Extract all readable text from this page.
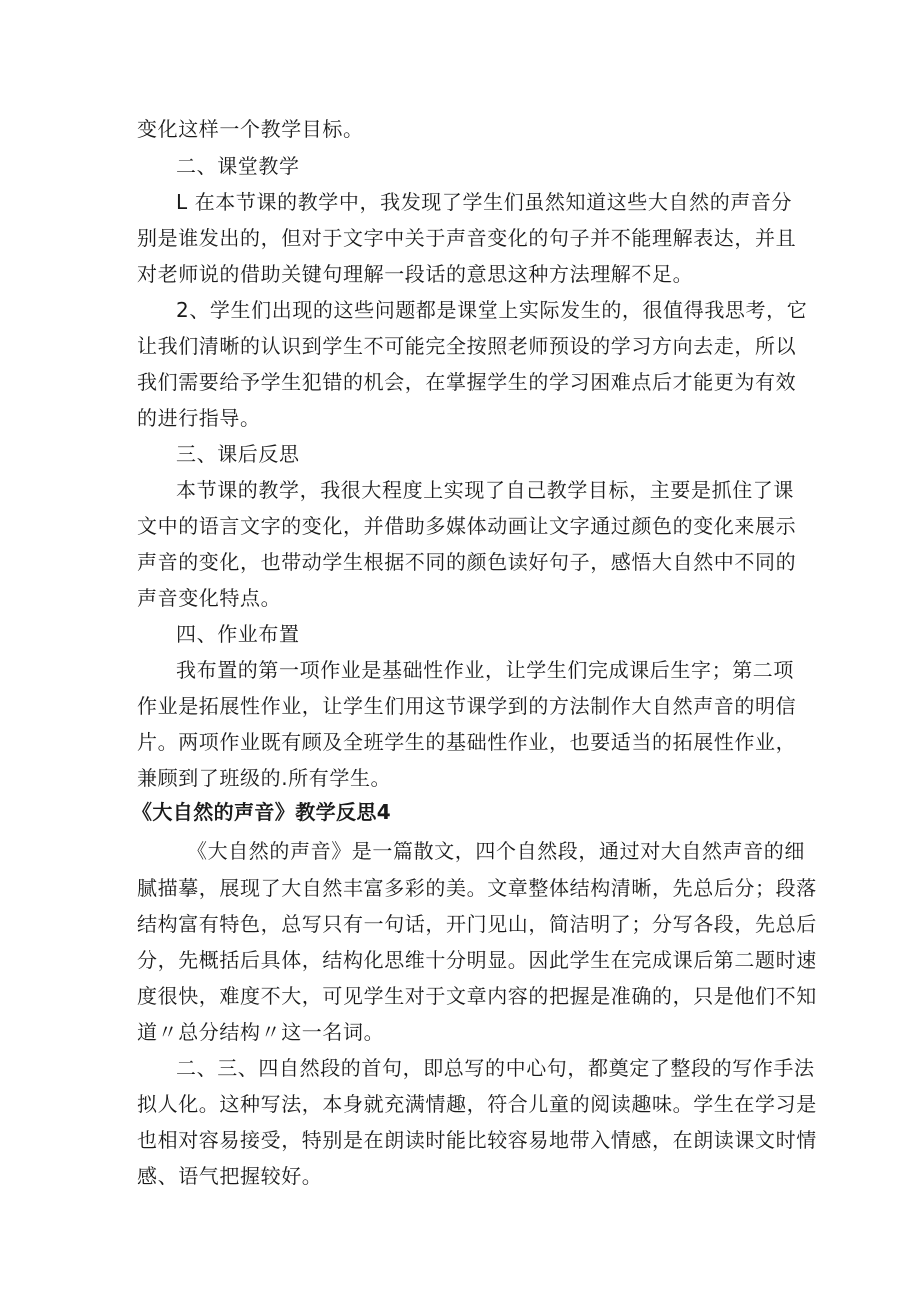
变化这样一个教学目标。
二、课堂教学
L 在本节课的教学中，我发现了学生们虽然知道这些大自然的声音分
别是谁发出的，但对于文字中关于声音变化的句子并不能理解表达，并且
对老师说的借助关键句理解一段话的意思这种方法理解不足。
2、学生们出现的这些问题都是课堂上实际发生的，很值得我思考，它
让我们清晰的认识到学生不可能完全按照老师预设的学习方向去走，所以
我们需要给予学生犯错的机会，在掌握学生的学习困难点后才能更为有效
的进行指导。
三、课后反思
本节课的教学，我很大程度上实现了自己教学目标，主要是抓住了课
文中的语言文字的变化，并借助多媒体动画让文字通过颜色的变化来展示
声音的变化，也带动学生根据不同的颜色读好句子，感悟大自然中不同的
声音变化特点。
四、作业布置
我布置的第一项作业是基础性作业，让学生们完成课后生字；第二项
作业是拓展性作业，让学生们用这节课学到的方法制作大自然声音的明信
片。两项作业既有顾及全班学生的基础性作业，也要适当的拓展性作业，
兼顾到了班级的.所有学生。
《大自然的声音》教学反思4
《大自然的声音》是一篇散文，四个自然段，通过对大自然声音的细
腻描摹，展现了大自然丰富多彩的美。文章整体结构清晰，先总后分；段落
结构富有特色，总写只有一句话，开门见山，简洁明了；分写各段，先总后
分，先概括后具体，结构化思维十分明显。因此学生在完成课后第二题时速
度很快，难度不大，可见学生对于文章内容的把握是准确的，只是他们不知
道〃总分结构〃这一名词。
二、三、四自然段的首句，即总写的中心句，都奠定了整段的写作手法
拟人化。这种写法，本身就充满情趣，符合儿童的阅读趣味。学生在学习是
也相对容易接受，特别是在朗读时能比较容易地带入情感，在朗读课文时情
感、语气把握较好。
